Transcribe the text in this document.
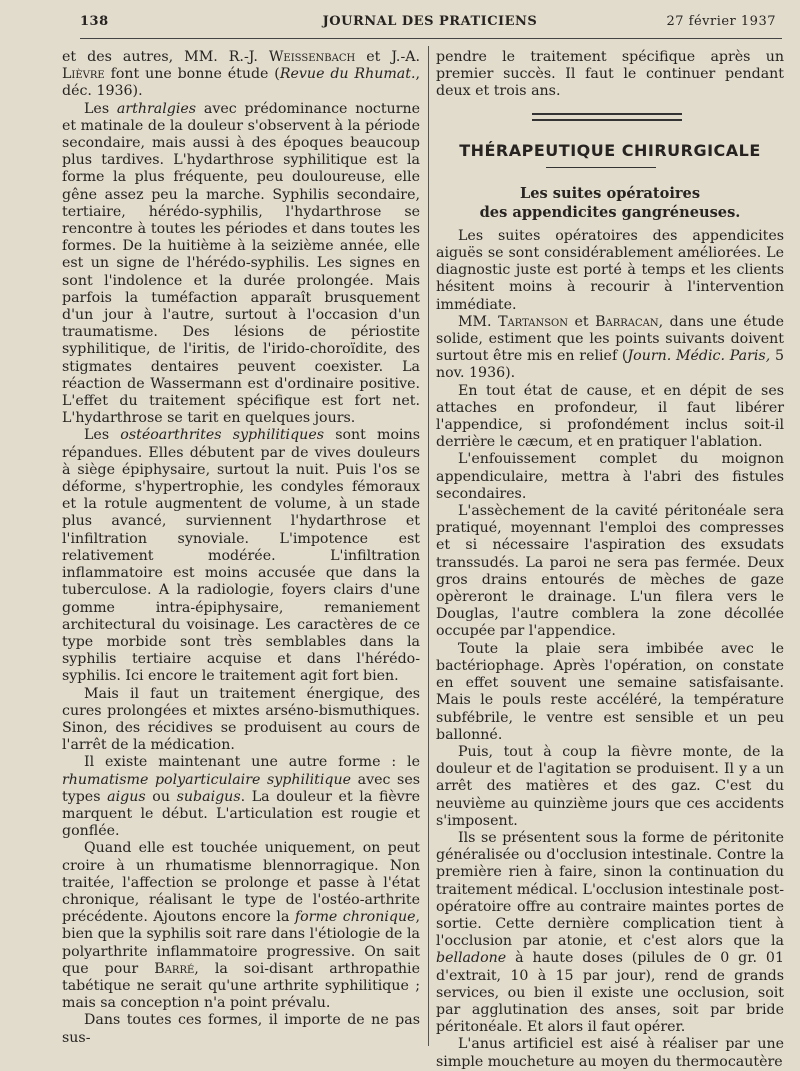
138	JOURNAL DES PRATICIENS	27 février 1937

et des autres, MM. R.-J. Weissenbach et J.-A. Lièvre font une bonne étude (Revue du Rhumat., déc. 1936).

Les arthralgies avec prédominance nocturne et matinale de la douleur s'observent à la période secondaire, mais aussi à des époques beaucoup plus tardives. L'hydarthrose syphilitique est la forme la plus fréquente, peu douloureuse, elle gêne assez peu la marche. Syphilis secondaire, tertiaire, hérédo-syphilis, l'hydarthrose se rencontre à toutes les périodes et dans toutes les formes. De la huitième à la seizième année, elle est un signe de l'hérédo-syphilis. Les signes en sont l'indolence et la durée prolongée. Mais parfois la tuméfaction apparaît brusquement d'un jour à l'autre, surtout à l'occasion d'un traumatisme. Des lésions de périostite syphilitique, de l'iritis, de l'irido-choroïdite, des stigmates dentaires peuvent coexister. La réaction de Wassermann est d'ordinaire positive. L'effet du traitement spécifique est fort net. L'hydarthrose se tarit en quelques jours.

Les ostéoarthrites syphilitiques sont moins répandues. Elles débutent par de vives douleurs à siège épiphysaire, surtout la nuit. Puis l'os se déforme, s'hypertrophie, les condyles fémoraux et la rotule augmentent de volume, à un stade plus avancé, surviennent l'hydarthrose et l'infiltration synoviale. L'impotence est relativement modérée. L'infiltration inflammatoire est moins accusée que dans la tuberculose. A la radiologie, foyers clairs d'une gomme intra-épiphysaire, remaniement architectural du voisinage. Les caractères de ce type morbide sont très semblables dans la syphilis tertiaire acquise et dans l'hérédo-syphilis. Ici encore le traitement agit fort bien.

Mais il faut un traitement énergique, des cures prolongées et mixtes arséno-bismuthiques. Sinon, des récidives se produisent au cours de l'arrêt de la médication.

Il existe maintenant une autre forme : le rhumatisme polyarticulaire syphilitique avec ses types aigus ou subaigus. La douleur et la fièvre marquent le début. L'articulation est rougie et gonflée.

Quand elle est touchée uniquement, on peut croire à un rhumatisme blennorragique. Non traitée, l'affection se prolonge et passe à l'état chronique, réalisant le type de l'ostéo-arthrite précédente. Ajoutons encore la forme chronique, bien que la syphilis soit rare dans l'étiologie de la polyarthrite inflammatoire progressive. On sait que pour Barré, la soi-disant arthropathie tabétique ne serait qu'une arthrite syphilitique ; mais sa conception n'a point prévalu.

Dans toutes ces formes, il importe de ne pas sus-

pendre le traitement spécifique après un premier succès. Il faut le continuer pendant deux et trois ans.

THÉRAPEUTIQUE CHIRURGICALE
Les suites opératoires
des appendicites gangréneuses.

Les suites opératoires des appendicites aiguës se sont considérablement améliorées. Le diagnostic juste est porté à temps et les clients hésitent moins à recourir à l'intervention immédiate.

MM. Tartanson et Barracan, dans une étude solide, estiment que les points suivants doivent surtout être mis en relief (Journ. Médic. Paris, 5 nov. 1936).

En tout état de cause, et en dépit de ses attaches en profondeur, il faut libérer l'appendice, si profondément inclus soit-il derrière le cæcum, et en pratiquer l'ablation.

L'enfouissement complet du moignon appendiculaire, mettra à l'abri des fistules secondaires.

L'assèchement de la cavité péritonéale sera pratiqué, moyennant l'emploi des compresses et si nécessaire l'aspiration des exsudats transsudés. La paroi ne sera pas fermée. Deux gros drains entourés de mèches de gaze opèreront le drainage. L'un filera vers le Douglas, l'autre comblera la zone décollée occupée par l'appendice.

Toute la plaie sera imbibée avec le bactériophage. Après l'opération, on constate en effet souvent une semaine satisfaisante. Mais le pouls reste accéléré, la température subfébrile, le ventre est sensible et un peu ballonné.

Puis, tout à coup la fièvre monte, de la douleur et de l'agitation se produisent. Il y a un arrêt des matières et des gaz. C'est du neuvième au quinzième jours que ces accidents s'imposent.

Ils se présentent sous la forme de péritonite généralisée ou d'occlusion intestinale. Contre la première rien à faire, sinon la continuation du traitement médical. L'occlusion intestinale post-opératoire offre au contraire maintes portes de sortie. Cette dernière complication tient à l'occlusion par atonie, et c'est alors que la belladone à haute doses (pilules de 0 gr. 01 d'extrait, 10 à 15 par jour), rend de grands services, ou bien il existe une occlusion, soit par agglutination des anses, soit par bride péritonéale. Et alors il faut opérer.

L'anus artificiel est aisé à réaliser par une simple moucheture au moyen du thermocautère
